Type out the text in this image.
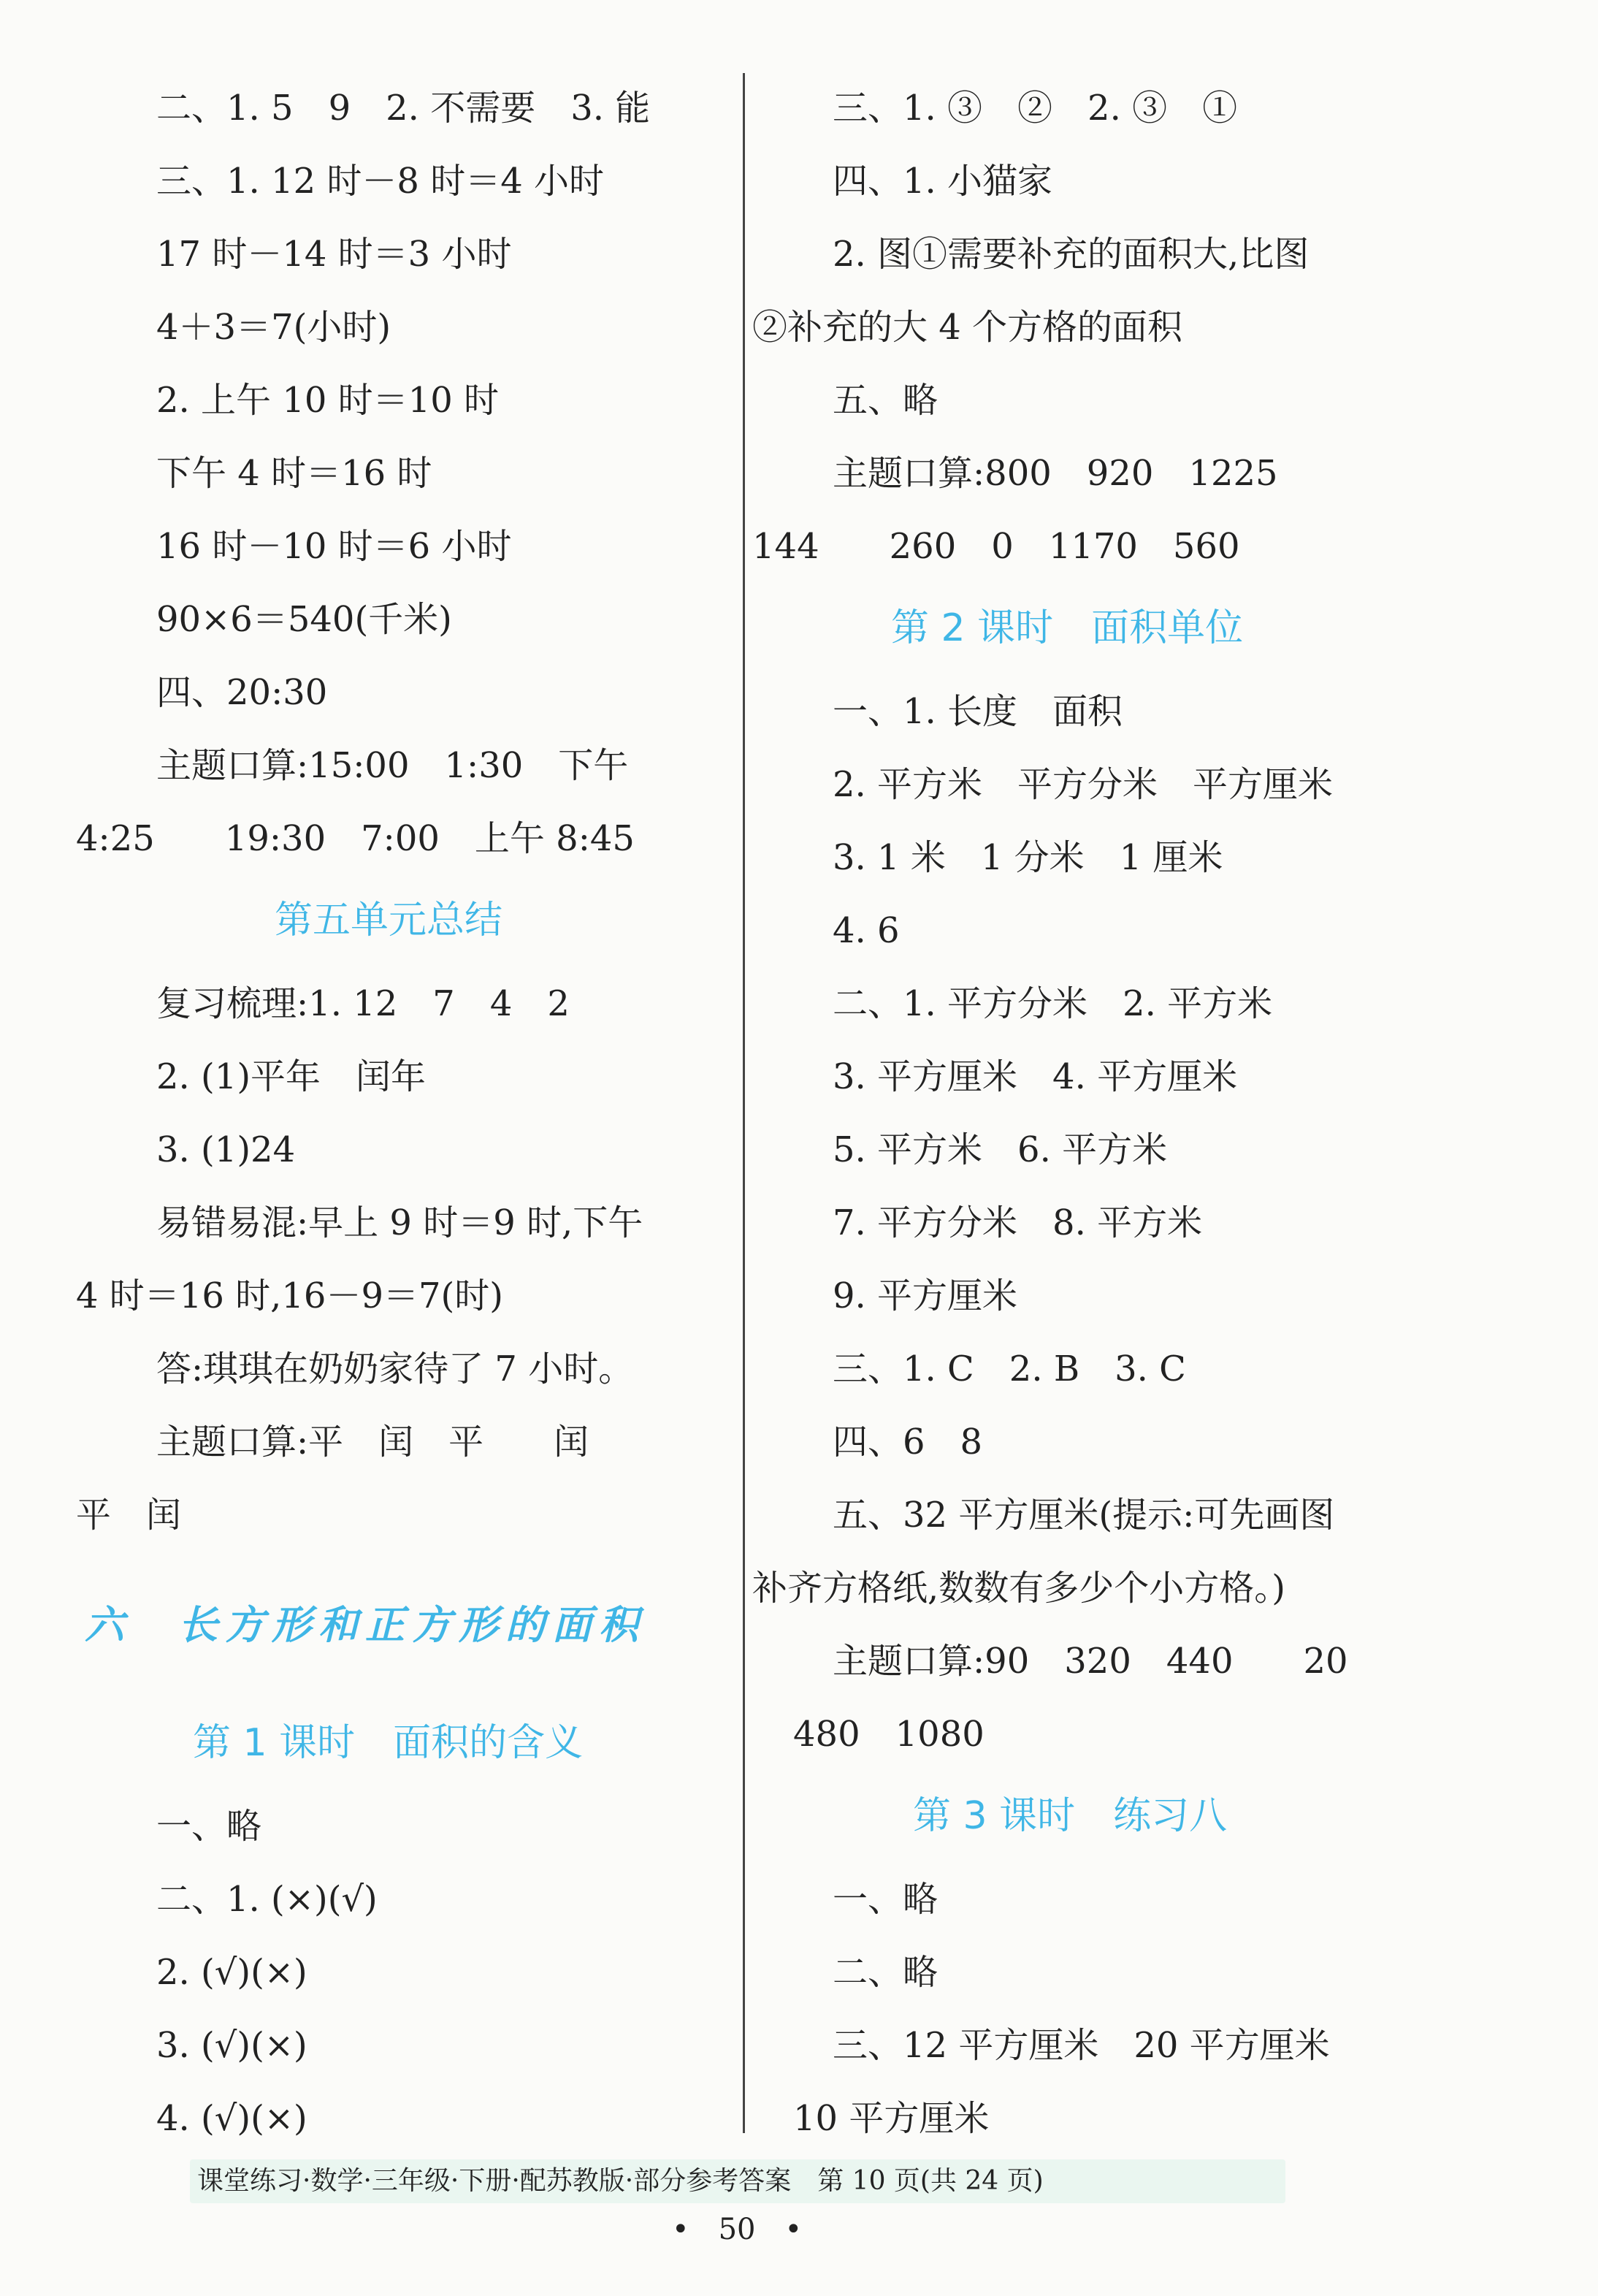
二、1. 5　9　2. 不需要　3. 能
三、1. 12 时－8 时＝4 小时
17 时－14 时＝3 小时
4＋3＝7(小时)
2. 上午 10 时＝10 时
下午 4 时＝16 时
16 时－10 时＝6 小时
90×6＝540(千米)
四、20:30
主题口算:15:00　1:30　下午
4:25　　19:30　7:00　上午 8:45
第五单元总结
复习梳理:1. 12　7　4　2
2. (1)平年　闰年
3. (1)24
易错易混:早上 9 时＝9 时,下午
4 时＝16 时,16－9＝7(时)
答:琪琪在奶奶家待了 7 小时。
主题口算:平　闰　平　　闰
平　闰
六　长方形和正方形的面积
第 1 课时　面积的含义
一、略
二、1. (×)(√)
2. (√)(×)
3. (√)(×)
4. (√)(×)
三、1. ③　②　2. ③　①
四、1. 小猫家
2. 图①需要补充的面积大,比图
②补充的大 4 个方格的面积
五、略
主题口算:800　920　1225
144　　260　0　1170　560
第 2 课时　面积单位
一、1. 长度　面积
2. 平方米　平方分米　平方厘米
3. 1 米　1 分米　1 厘米
4. 6
二、1. 平方分米　2. 平方米
3. 平方厘米　4. 平方厘米
5. 平方米　6. 平方米
7. 平方分米　8. 平方米
9. 平方厘米
三、1. C　2. B　3. C
四、6　8
五、32 平方厘米(提示:可先画图
补齐方格纸,数数有多少个小方格。)
主题口算:90　320　440　　20
480　1080
第 3 课时　练习八
一、略
二、略
三、12 平方厘米　20 平方厘米
10 平方厘米
课堂练习·数学·三年级·下册·配苏教版·部分参考答案　第 10 页(共 24 页)
•　50　•
